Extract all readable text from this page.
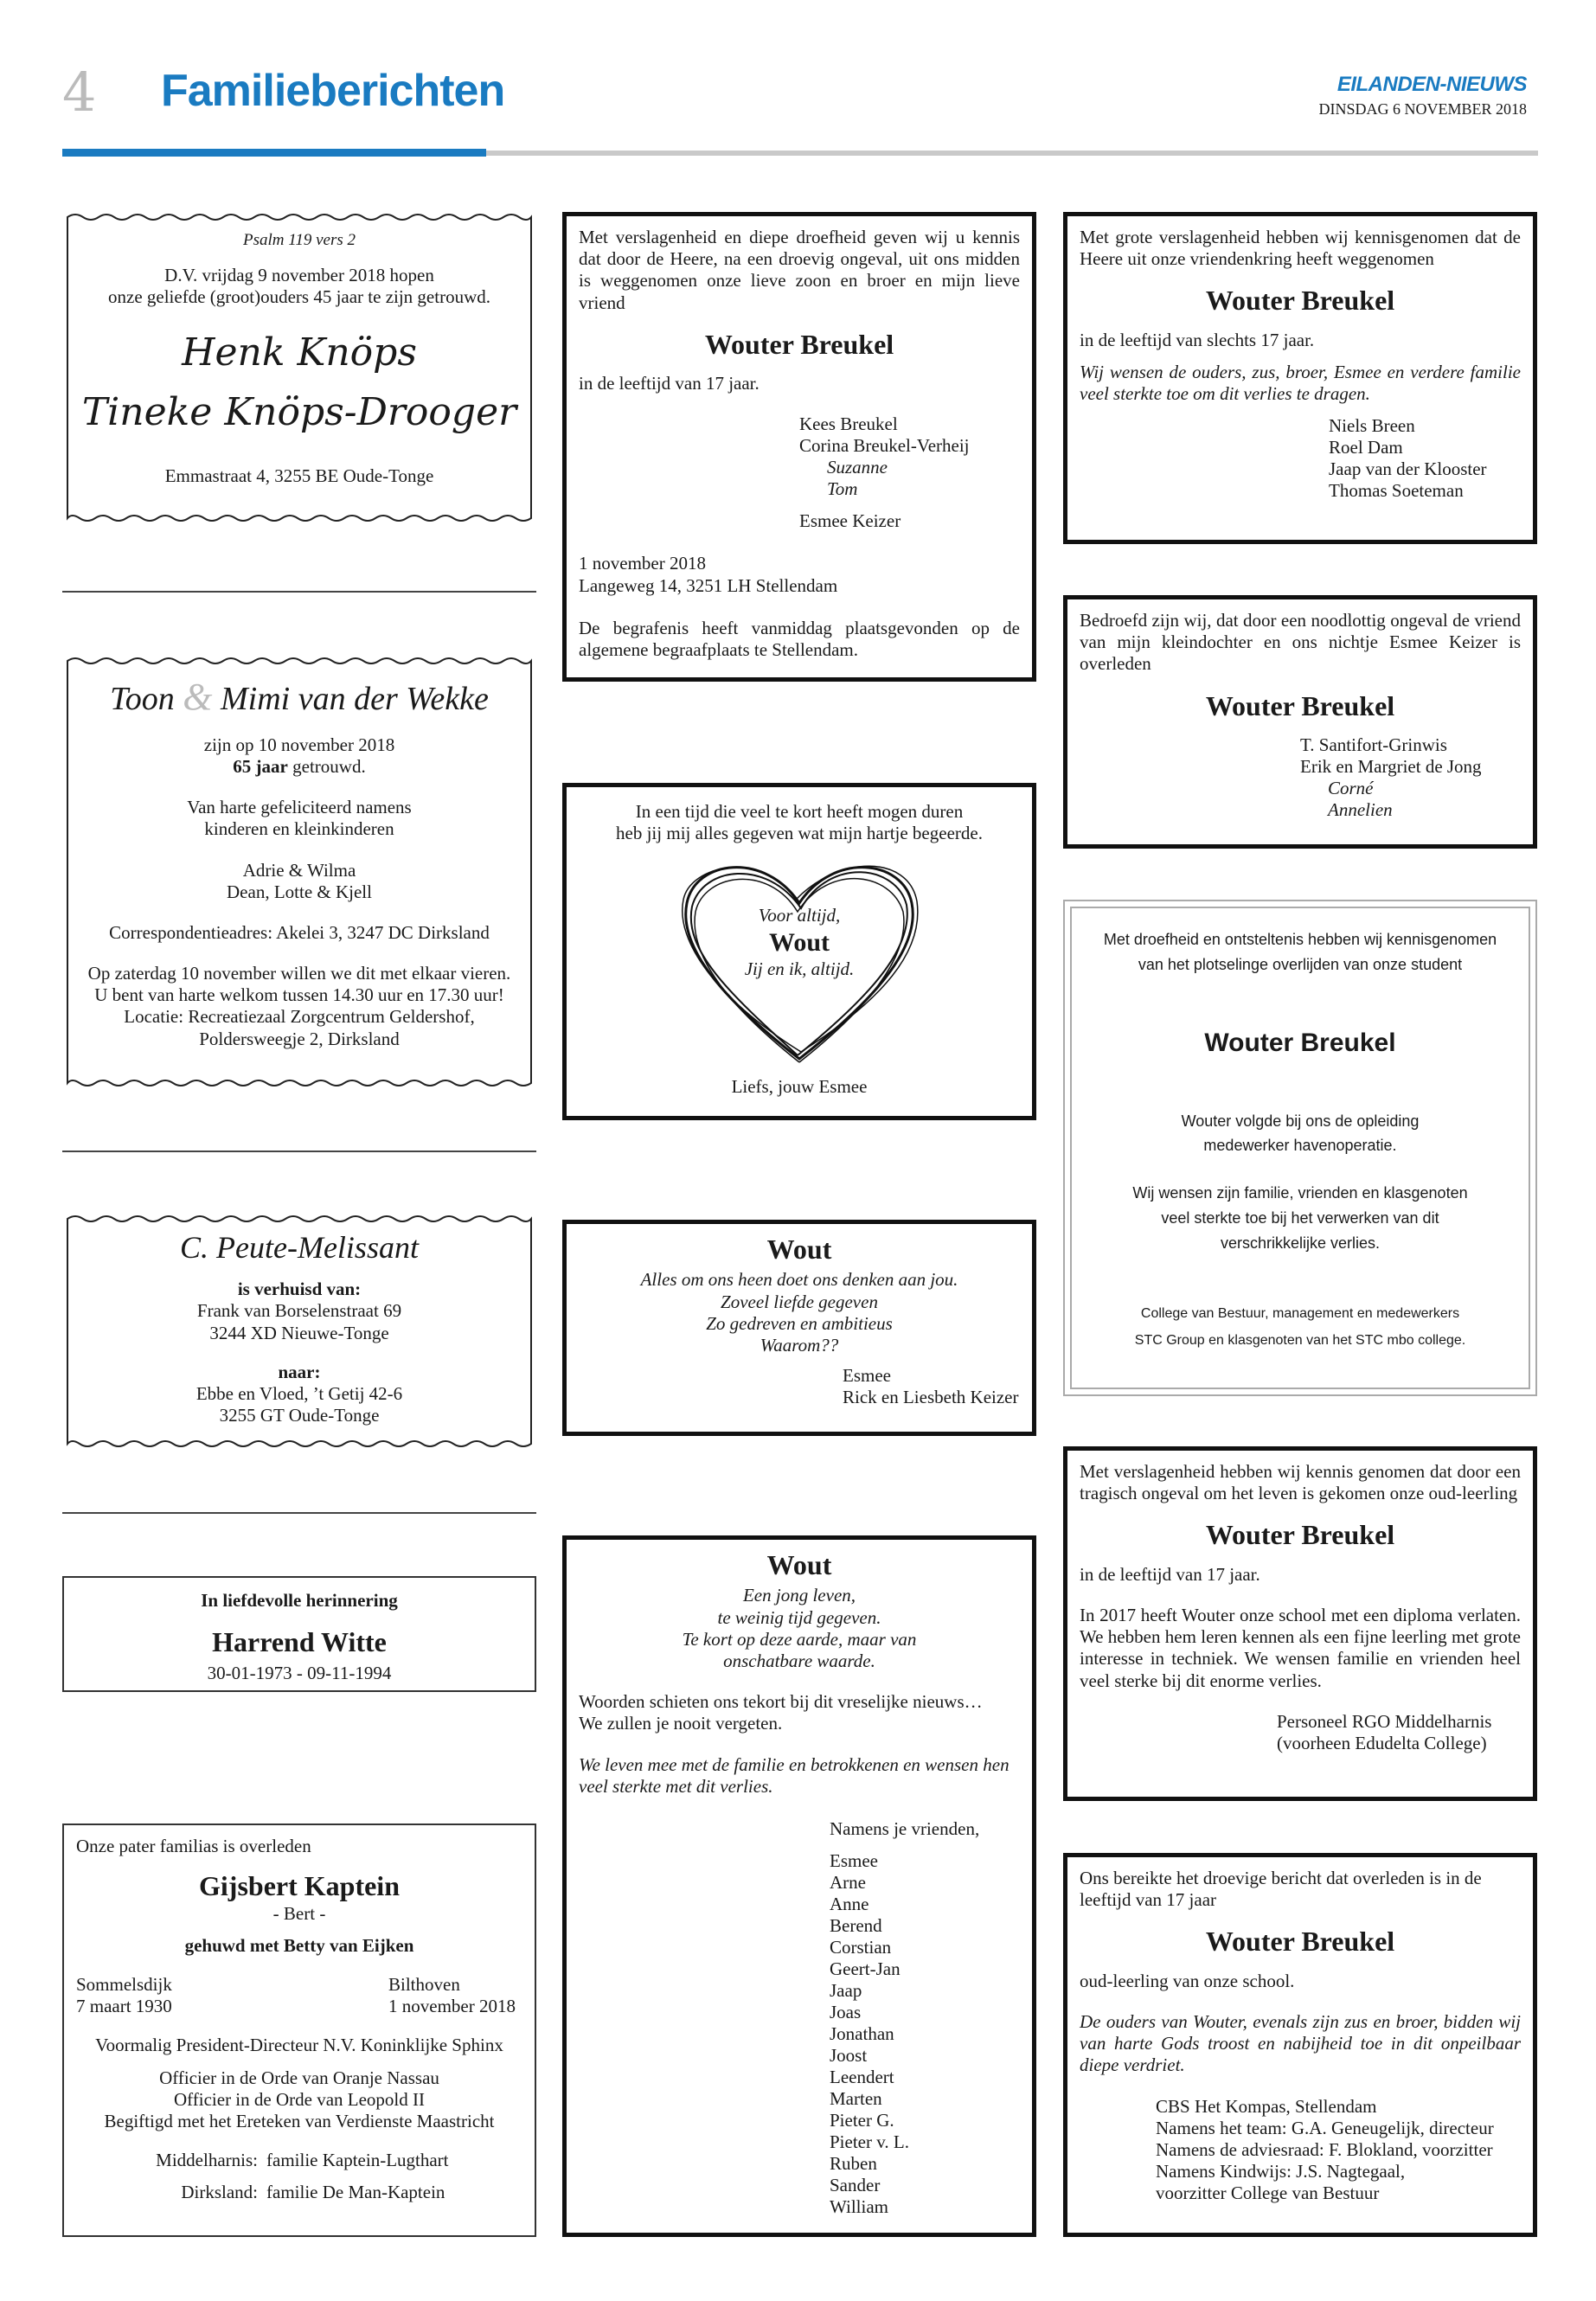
4 Familieberichten	EILANDEN-NIEUWS
DINSDAG 6 NOVEMBER 2018
Psalm 119 vers 2
D.V. vrijdag 9 november 2018 hopen
onze geliefde (groot)ouders 45 jaar te zijn getrouwd.
Henk Knöps
Tineke Knöps-Drooger
Emmastraat 4, 3255 BE Oude-Tonge
Toon & Mimi van der Wekke
zijn op 10 november 2018
65 jaar getrouwd.
Van harte gefeliciteerd namens
kinderen en kleinkinderen
Adrie & Wilma
Dean, Lotte & Kjell
Correspondentieadres: Akelei 3, 3247 DC Dirksland
Op zaterdag 10 november willen we dit met elkaar vieren.
U bent van harte welkom tussen 14.30 uur en 17.30 uur!
Locatie: Recreatiezaal Zorgcentrum Geldershof,
Poldersweegje 2, Dirksland
C. Peute-Melissant
is verhuisd van:
Frank van Borselenstraat 69
3244 XD Nieuwe-Tonge
naar:
Ebbe en Vloed, ’t Getij 42-6
3255 GT Oude-Tonge
In liefdevolle herinnering
Harrend Witte
30-01-1973 - 09-11-1994
Onze pater familias is overleden
Gijsbert Kaptein
- Bert -
gehuwd met Betty van Eijken
Sommelsdijk
7 maart 1930
Bilthoven
1 november 2018
Voormalig President-Directeur N.V. Koninklijke Sphinx
Officier in de Orde van Oranje Nassau
Officier in de Orde van Leopold II
Begiftigd met het Ereteken van Verdienste Maastricht
Middelharnis: familie Kaptein-Lugthart
Dirksland: familie De Man-Kaptein
Met verslagenheid en diepe droefheid geven wij u kennis dat door de Heere, na een droevig ongeval, uit ons midden is weggenomen onze lieve zoon en broer en mijn lieve vriend
Wouter Breukel
in de leeftijd van 17 jaar.
Kees Breukel
Corina Breukel-Verheij
Suzanne
Tom
Esmee Keizer
1 november 2018
Langeweg 14, 3251 LH Stellendam
De begrafenis heeft vanmiddag plaatsgevonden op de algemene begraafplaats te Stellendam.
In een tijd die veel te kort heeft mogen duren
heb jij mij alles gegeven wat mijn hartje begeerde.
Voor altijd,
Wout
Jij en ik, altijd.
Liefs, jouw Esmee
Wout
Alles om ons heen doet ons denken aan jou.
Zoveel liefde gegeven
Zo gedreven en ambitieus
Waarom??
Esmee
Rick en Liesbeth Keizer
Wout
Een jong leven,
te weinig tijd gegeven.
Te kort op deze aarde, maar van
onschatbare waarde.
Woorden schieten ons tekort bij dit vreselijke nieuws…
We zullen je nooit vergeten.
We leven mee met de familie en betrokkenen en wensen hen veel sterkte met dit verlies.
Namens je vrienden,
Esmee
Arne
Anne
Berend
Corstian
Geert-Jan
Jaap
Joas
Jonathan
Joost
Leendert
Marten
Pieter G.
Pieter v. L.
Ruben
Sander
William
Met grote verslagenheid hebben wij kennisgenomen dat de Heere uit onze vriendenkring heeft weggenomen
Wouter Breukel
in de leeftijd van slechts 17 jaar.
Wij wensen de ouders, zus, broer, Esmee en verdere familie veel sterkte toe om dit verlies te dragen.
Niels Breen
Roel Dam
Jaap van der Klooster
Thomas Soeteman
Bedroefd zijn wij, dat door een noodlottig ongeval de vriend van mijn kleindochter en ons nichtje Esmee Keizer is overleden
Wouter Breukel
T. Santifort-Grinwis
Erik en Margriet de Jong
Corné
Annelien
Met droefheid en ontsteltenis hebben wij kennisgenomen
van het plotselinge overlijden van onze student
Wouter Breukel
Wouter volgde bij ons de opleiding
medewerker havenoperatie.
Wij wensen zijn familie, vrienden en klasgenoten
veel sterkte toe bij het verwerken van dit
verschrikkelijke verlies.
College van Bestuur, management en medewerkers
STC Group en klasgenoten van het STC mbo college.
Met verslagenheid hebben wij kennis genomen dat door een tragisch ongeval om het leven is gekomen onze oud-leerling
Wouter Breukel
in de leeftijd van 17 jaar.
In 2017 heeft Wouter onze school met een diploma verlaten. We hebben hem leren kennen als een fijne leerling met grote interesse in techniek. We wensen familie en vrienden heel veel sterke bij dit enorme verlies.
Personeel RGO Middelharnis
(voorheen Edudelta College)
Ons bereikte het droevige bericht dat overleden is in de leeftijd van 17 jaar
Wouter Breukel
oud-leerling van onze school.
De ouders van Wouter, evenals zijn zus en broer, bidden wij van harte Gods troost en nabijheid toe in dit onpeilbaar diepe verdriet.
CBS Het Kompas, Stellendam
Namens het team: G.A. Geneugelijk, directeur
Namens de adviesraad: F. Blokland, voorzitter
Namens Kindwijs: J.S. Nagtegaal,
voorzitter College van Bestuur
